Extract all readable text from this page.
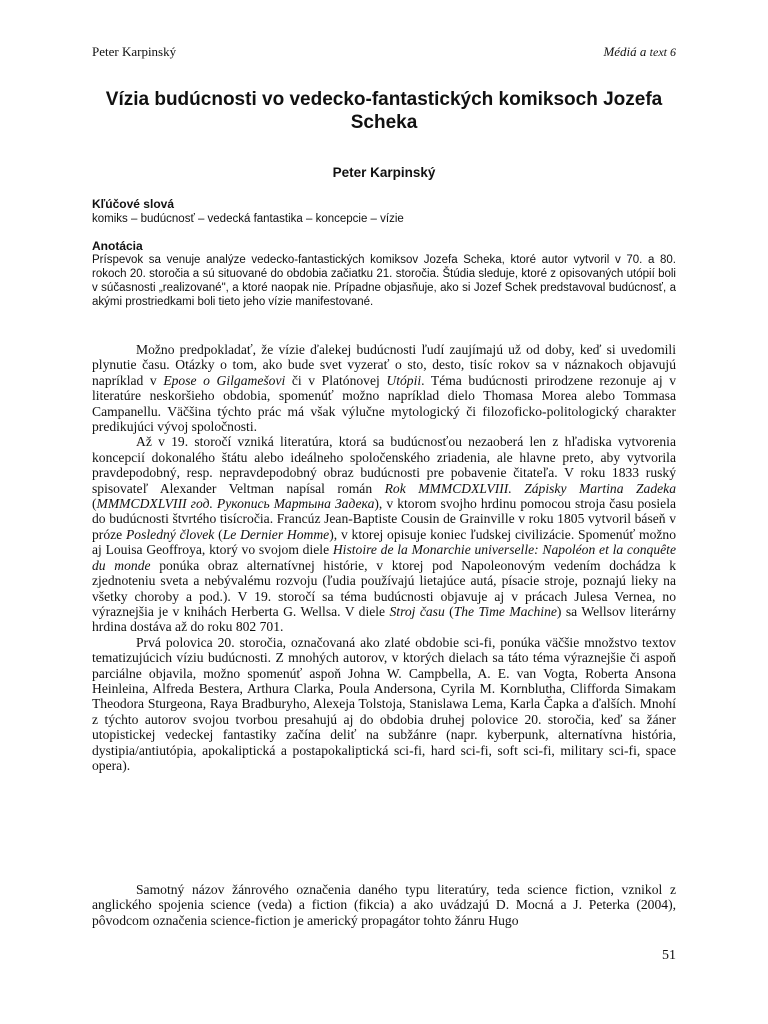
Peter Karpinský	Médiá a text 6
Vízia budúcnosti vo vedecko-fantastických komiksoch Jozefa Scheka
Peter Karpinský
Kľúčové slová
komiks – budúcnosť – vedecká fantastika – koncepcie – vízie
Anotácia
Príspevok sa venuje analýze vedecko-fantastických komiksov Jozefa Scheka, ktoré autor vytvoril v 70. a 80. rokoch 20. storočia a sú situované do obdobia začiatku 21. storočia. Štúdia sleduje, ktoré z opisovaných utópií boli v súčasnosti „realizované", a ktoré naopak nie. Prípadne objasňuje, ako si Jozef Schek predstavoval budúcnosť, a akými prostriedkami boli tieto jeho vízie manifestované.

Možno predpokladať, že vízie ďalekej budúcnosti ľudí zaujímajú už od doby, keď si uvedomili plynutie času. Otázky o tom, ako bude svet vyzerať o sto, desto, tisíc rokov sa v náznakoch objavujú napríklad v Epose o Gilgamešovi či v Platónovej Utópii. Téma budúcnosti prirodzene rezonuje aj v literatúre neskoršieho obdobia, spomenúť možno napríklad dielo Thomasa Morea alebo Tommasa Campanellu. Väčšina týchto prác má však výlučne mytologický či filozoficko-politologický charakter predikujúci vývoj spoločnosti.

Až v 19. storočí vzniká literatúra, ktorá sa budúcnosťou nezaoberá len z hľadiska vytvorenia koncepcií dokonalého štátu alebo ideálneho spoločenského zriadenia, ale hlavne preto, aby vytvorila pravdepodobný, resp. nepravdepodobný obraz budúcnosti pre pobavenie čitateľa. V roku 1833 ruský spisovateľ Alexander Veltman napísal román Rok MMMCDXLVIII. Zápisky Martina Zadeka (MMMCDXLVIII год. Рукопись Мартына Задека), v ktorom svojho hrdinu pomocou stroja času posiela do budúcnosti štvrtého tisícročia. Francúz Jean-Baptiste Cousin de Grainville v roku 1805 vytvoril báseň v próze Posledný človek (Le Dernier Homme), v ktorej opisuje koniec ľudskej civilizácie. Spomenúť možno aj Louisa Geoffroya, ktorý vo svojom diele Histoire de la Monarchie universelle: Napoléon et la conquête du monde ponúka obraz alternatívnej histórie, v ktorej pod Napoleonovým vedením dochádza k zjednoteniu sveta a nebývalému rozvoju (ľudia používajú lietajúce autá, písacie stroje, poznajú lieky na všetky choroby a pod.). V 19. storočí sa téma budúcnosti objavuje aj v prácach Julesa Vernea, no výraznejšia je v knihách Herberta G. Wellsa. V diele Stroj času (The Time Machine) sa Wellsov literárny hrdina dostáva až do roku 802 701.

Prvá polovica 20. storočia, označovaná ako zlaté obdobie sci-fi, ponúka väčšie množstvo textov tematizujúcich víziu budúcnosti. Z mnohých autorov, v ktorých dielach sa táto téma výraznejšie či aspoň parciálne objavila, možno spomenúť aspoň Johna W. Campbella, A. E. van Vogta, Roberta Ansona Heinleina, Alfreda Bestera, Arthura Clarka, Poula Andersona, Cyrila M. Kornblutha, Clifforda Simakam Theodora Sturgeona, Raya Bradburyho, Alexeja Tolstoja, Stanislawa Lema, Karla Čapka a ďalších. Mnohí z týchto autorov svojou tvorbou presahujú aj do obdobia druhej polovice 20. storočia, keď sa žáner utopistickej vedeckej fantastiky začína deliť na subžánre (napr. kyberpunk, alternatívna história, dystipia/antiutópia, apokaliptická a postapokaliptická sci-fi, hard sci-fi, soft sci-fi, military sci-fi, space opera).

Samotný názov žánrového označenia daného typu literatúry, teda science fiction, vznikol z anglického spojenia science (veda) a fiction (fikcia) a ako uvádzajú D. Mocná a J. Peterka (2004), pôvodcom označenia science-fiction je americký propagátor tohto žánru Hugo

51
